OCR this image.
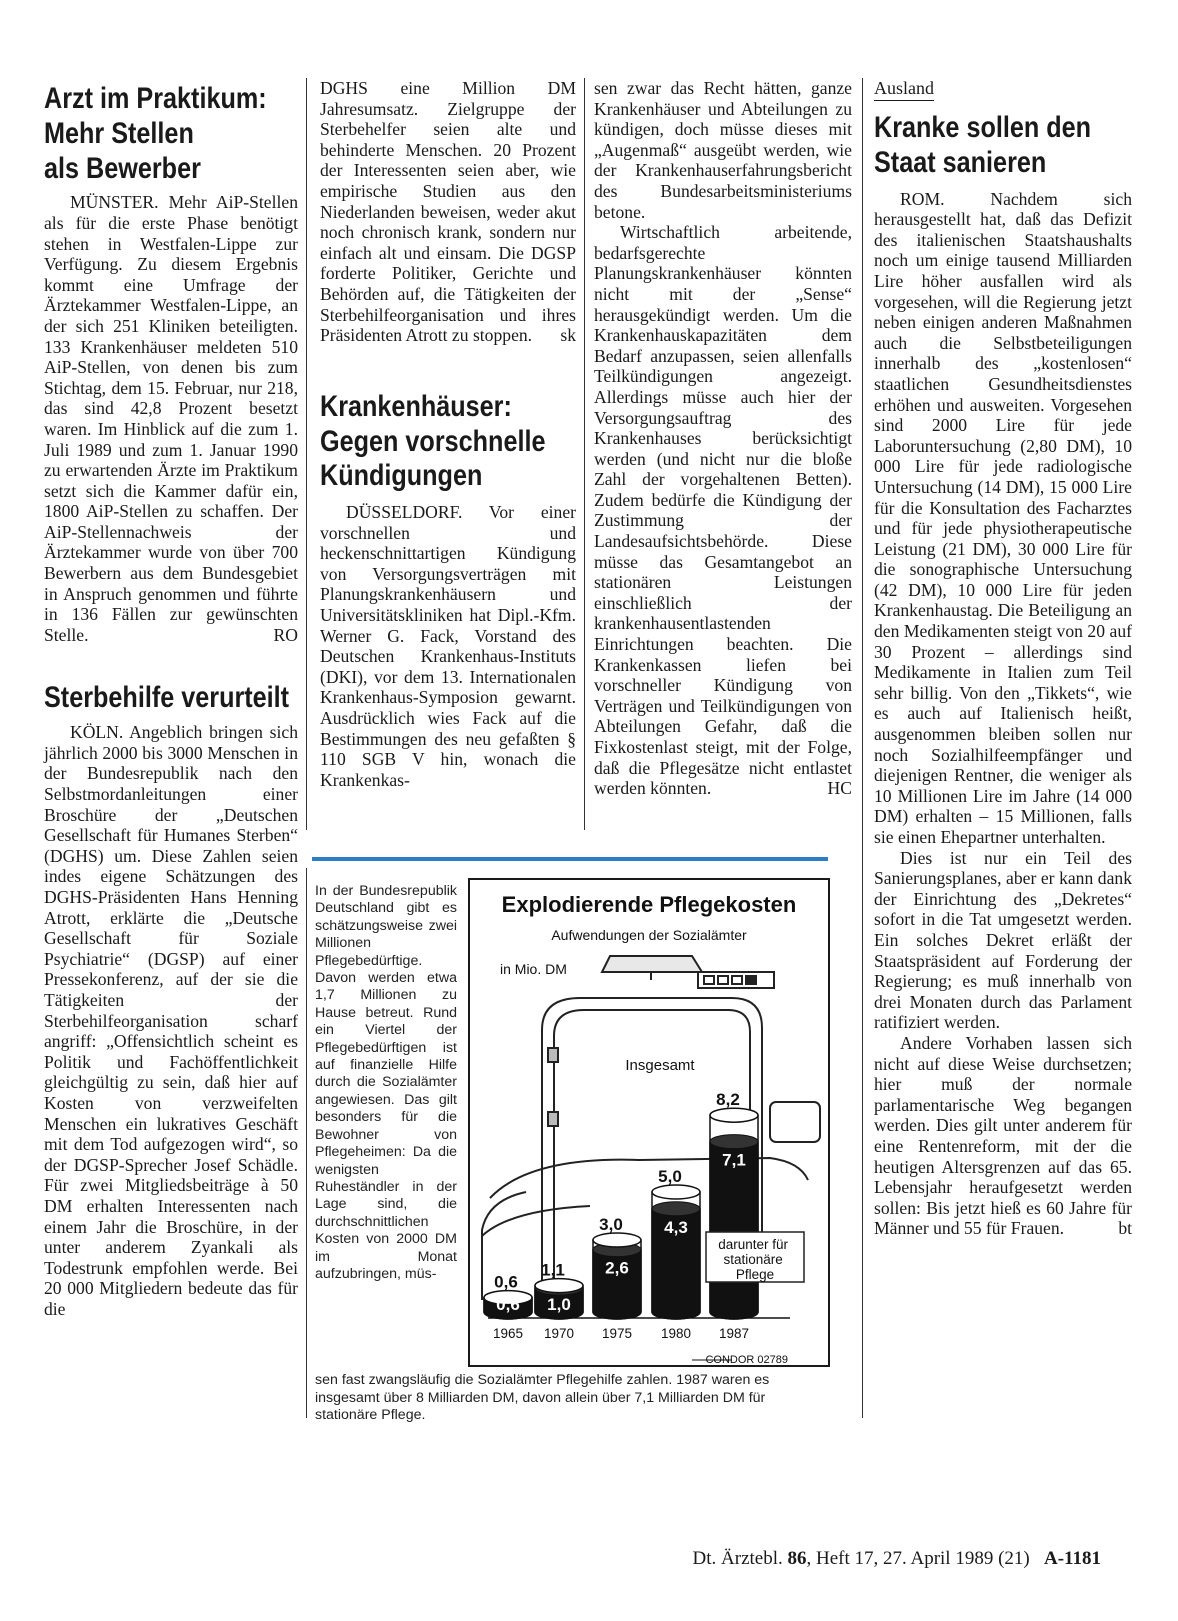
Arzt im Praktikum:
Mehr Stellen
als Bewerber

MÜNSTER. Mehr AiP-Stellen als für die erste Phase benötigt stehen in Westfalen-Lippe zur Verfügung. Zu diesem Ergebnis kommt eine Umfrage der Ärztekammer Westfalen-Lippe, an der sich 251 Kliniken beteiligten. 133 Krankenhäuser meldeten 510 AiP-Stellen, von denen bis zum Stichtag, dem 15. Februar, nur 218, das sind 42,8 Prozent besetzt waren. Im Hinblick auf die zum 1. Juli 1989 und zum 1. Januar 1990 zu erwartenden Ärzte im Praktikum setzt sich die Kammer dafür ein, 1800 AiP-Stellen zu schaffen. Der AiP-Stellennachweis der Ärztekammer wurde von über 700 Bewerbern aus dem Bundesgebiet in Anspruch genommen und führte in 136 Fällen zur gewünschten Stelle.	RO

Sterbehilfe verurteilt

KÖLN. Angeblich bringen sich jährlich 2000 bis 3000 Menschen in der Bundesrepublik nach den Selbstmordanleitungen einer Broschüre der „Deutschen Gesellschaft für Humanes Sterben“ (DGHS) um. Diese Zahlen seien indes eigene Schätzungen des DGHS-Präsidenten Hans Henning Atrott, erklärte die „Deutsche Gesellschaft für Soziale Psychiatrie“ (DGSP) auf einer Pressekonferenz, auf der sie die Tätigkeiten der Sterbehilfeorganisation scharf angriff: „Offensichtlich scheint es Politik und Fachöffentlichkeit gleichgültig zu sein, daß hier auf Kosten von verzweifelten Menschen ein lukratives Geschäft mit dem Tod aufgezogen wird“, so der DGSP-Sprecher Josef Schädle. Für zwei Mitgliedsbeiträge à 50 DM erhalten Interessenten nach einem Jahr die Broschüre, in der unter anderem Zyankali als Todestrunk empfohlen werde. Bei 20 000 Mitgliedern bedeute das für die

DGHS eine Million DM Jahresumsatz. Zielgruppe der Sterbehelfer seien alte und behinderte Menschen. 20 Prozent der Interessenten seien aber, wie empirische Studien aus den Niederlanden beweisen, weder akut noch chronisch krank, sondern nur einfach alt und einsam. Die DGSP forderte Politiker, Gerichte und Behörden auf, die Tätigkeiten der Sterbehilfeorganisation und ihres Präsidenten Atrott zu stoppen. sk

Krankenhäuser:
Gegen vorschnelle
Kündigungen

DÜSSELDORF. Vor einer vorschnellen und heckenschnittartigen Kündigung von Versorgungsverträgen mit Planungskrankenhäusern und Universitätskliniken hat Dipl.-Kfm. Werner G. Fack, Vorstand des Deutschen Krankenhaus-Instituts (DKI), vor dem 13. Internationalen Krankenhaus-Symposion gewarnt. Ausdrücklich wies Fack auf die Bestimmungen des neu gefaßten § 110 SGB V hin, wonach die Krankenkas-

sen zwar das Recht hätten, ganze Krankenhäuser und Abteilungen zu kündigen, doch müsse dieses mit „Augenmaß“ ausgeübt werden, wie der Krankenhauserfahrungsbericht des Bundesarbeitsministeriums betone.

Wirtschaftlich arbeitende, bedarfsgerechte Planungskrankenhäuser könnten nicht mit der „Sense“ herausgekündigt werden. Um die Krankenhauskapazitäten dem Bedarf anzupassen, seien allenfalls Teilkündigungen angezeigt. Allerdings müsse auch hier der Versorgungsauftrag des Krankenhauses berücksichtigt werden (und nicht nur die bloße Zahl der vorgehaltenen Betten). Zudem bedürfe die Kündigung der Zustimmung der Landesaufsichtsbehörde. Diese müsse das Gesamtangebot an stationären Leistungen einschließlich der krankenhausentlastenden Einrichtungen beachten. Die Krankenkassen liefen bei vorschneller Kündigung von Verträgen und Teilkündigungen von Abteilungen Gefahr, daß die Fixkostenlast steigt, mit der Folge, daß die Pflegesätze nicht entlastet werden könnten.	HC

Ausland
Kranke sollen den
Staat sanieren

ROM. Nachdem sich herausgestellt hat, daß das Defizit des italienischen Staatshaushalts noch um einige tausend Milliarden Lire höher ausfallen wird als vorgesehen, will die Regierung jetzt neben einigen anderen Maßnahmen auch die Selbstbeteiligungen innerhalb des „kostenlosen“ staatlichen Gesundheitsdienstes erhöhen und ausweiten. Vorgesehen sind 2000 Lire für jede Laboruntersuchung (2,80 DM), 10 000 Lire für jede radiologische Untersuchung (14 DM), 15 000 Lire für die Konsultation des Facharztes und für jede physiotherapeutische Leistung (21 DM), 30 000 Lire für die sonographische Untersuchung (42 DM), 10 000 Lire für jeden Krankenhaustag. Die Beteiligung an den Medikamenten steigt von 20 auf 30 Prozent – allerdings sind Medikamente in Italien zum Teil sehr billig. Von den „Tikkets“, wie es auch auf Italienisch heißt, ausgenommen bleiben sollen nur noch Sozialhilfeempfänger und diejenigen Rentner, die weniger als 10 Millionen Lire im Jahre (14 000 DM) erhalten – 15 Millionen, falls sie einen Ehepartner unterhalten.

Dies ist nur ein Teil des Sanierungsplanes, aber er kann dank der Einrichtung des „Dekretes“ sofort in die Tat umgesetzt werden. Ein solches Dekret erläßt der Staatspräsident auf Forderung der Regierung; es muß innerhalb von drei Monaten durch das Parlament ratifiziert werden.

Andere Vorhaben lassen sich nicht auf diese Weise durchsetzen; hier muß der normale parlamentarische Weg begangen werden. Dies gilt unter anderem für eine Rentenreform, mit der die heutigen Altersgrenzen auf das 65. Lebensjahr heraufgesetzt werden sollen: Bis jetzt hieß es 60 Jahre für Männer und 55 für Frauen.	bt

In der Bundesrepublik Deutschland gibt es schätzungsweise zwei Millionen Pflegebedürftige. Davon werden etwa 1,7 Millionen zu Hause betreut. Rund ein Viertel der Pflegebedürftigen ist auf finanzielle Hilfe durch die Sozialämter angewiesen. Das gilt besonders für die Bewohner von Pflegeheimen: Da die wenigsten Ruheständler in der Lage sind, die durchschnittlichen Kosten von 2000 DM im Monat aufzubringen, müs-

Explodierende Pflegekosten
Aufwendungen der Sozialämter
in Mio. DM
0,6
0,6
1,1
1,0
3,0
2,6
5,0
4,3
8,2
7,1
Insgesamt
darunter für stationäre Pflege
1965 1970 1975 1980 1987
CONDOR 02789

sen fast zwangsläufig die Sozialämter Pflegehilfe zahlen. 1987 waren es insgesamt über 8 Milliarden DM, davon allein über 7,1 Milliarden DM für stationäre Pflege.

Dt. Ärztebl. 86, Heft 17, 27. April 1989 (21) A-1181
